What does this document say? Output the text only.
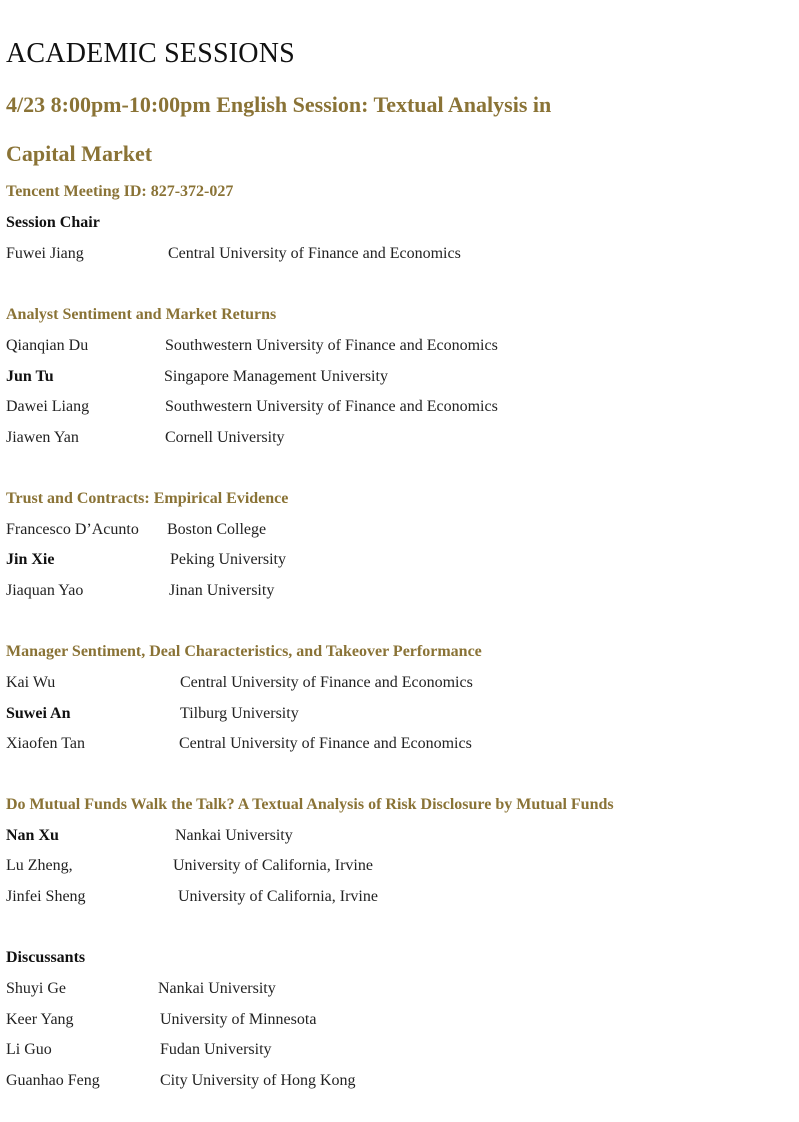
ACADEMIC SESSIONS
4/23 8:00pm-10:00pm English Session: Textual Analysis in
Capital Market
Tencent Meeting ID: 827-372-027
Session Chair
Fuwei Jiang	Central University of Finance and Economics
Analyst Sentiment and Market Returns
Qianqian Du	Southwestern University of Finance and Economics
Jun Tu	Singapore Management University
Dawei Liang	Southwestern University of Finance and Economics
Jiawen Yan	Cornell University
Trust and Contracts: Empirical Evidence
Francesco D’Acunto Boston College
Jin Xie	Peking University
Jiaquan Yao	Jinan University
Manager Sentiment, Deal Characteristics, and Takeover Performance
Kai Wu	Central University of Finance and Economics
Suwei An	Tilburg University
Xiaofen Tan	Central University of Finance and Economics
Do Mutual Funds Walk the Talk? A Textual Analysis of Risk Disclosure by Mutual Funds
Nan Xu	Nankai University
Lu Zheng,	University of California, Irvine
Jinfei Sheng	University of California, Irvine
Discussants
Shuyi Ge	Nankai University
Keer Yang	University of Minnesota
Li Guo	Fudan University
Guanhao Feng	City University of Hong Kong
